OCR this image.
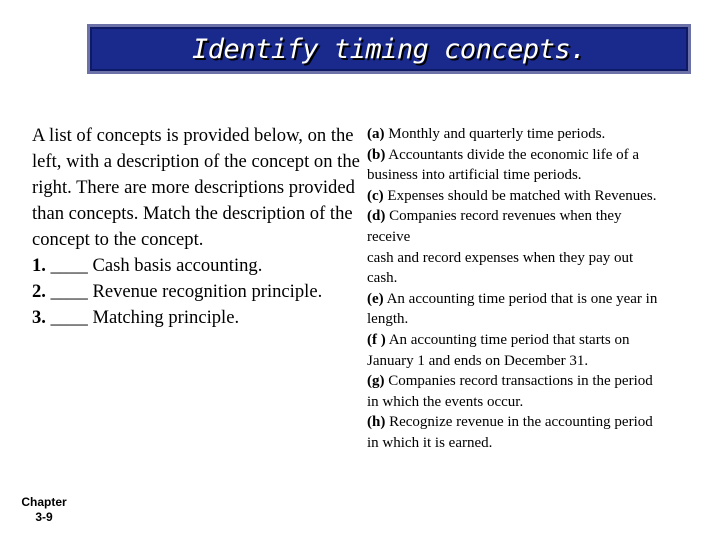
Identify timing concepts.

A list of concepts is provided below, on the left, with a description of the concept on the right. There are more descriptions provided than concepts. Match the description of the concept to the concept.

1. ____ Cash basis accounting.

2. ____ Revenue recognition principle.

3. ____ Matching principle.

(a) Monthly and quarterly time periods.

(b) Accountants divide the economic life of a
business into artificial time periods.

(c) Expenses should be matched with Revenues.

(d) Companies record revenues when they
receive
cash and record expenses when they pay out
cash.

(e) An accounting time period that is one year in
length.

(f ) An accounting time period that starts on
January 1 and ends on December 31.

(g) Companies record transactions in the period
in which the events occur.

(h) Recognize revenue in the accounting period
in which it is earned.

Chapter
3-9
